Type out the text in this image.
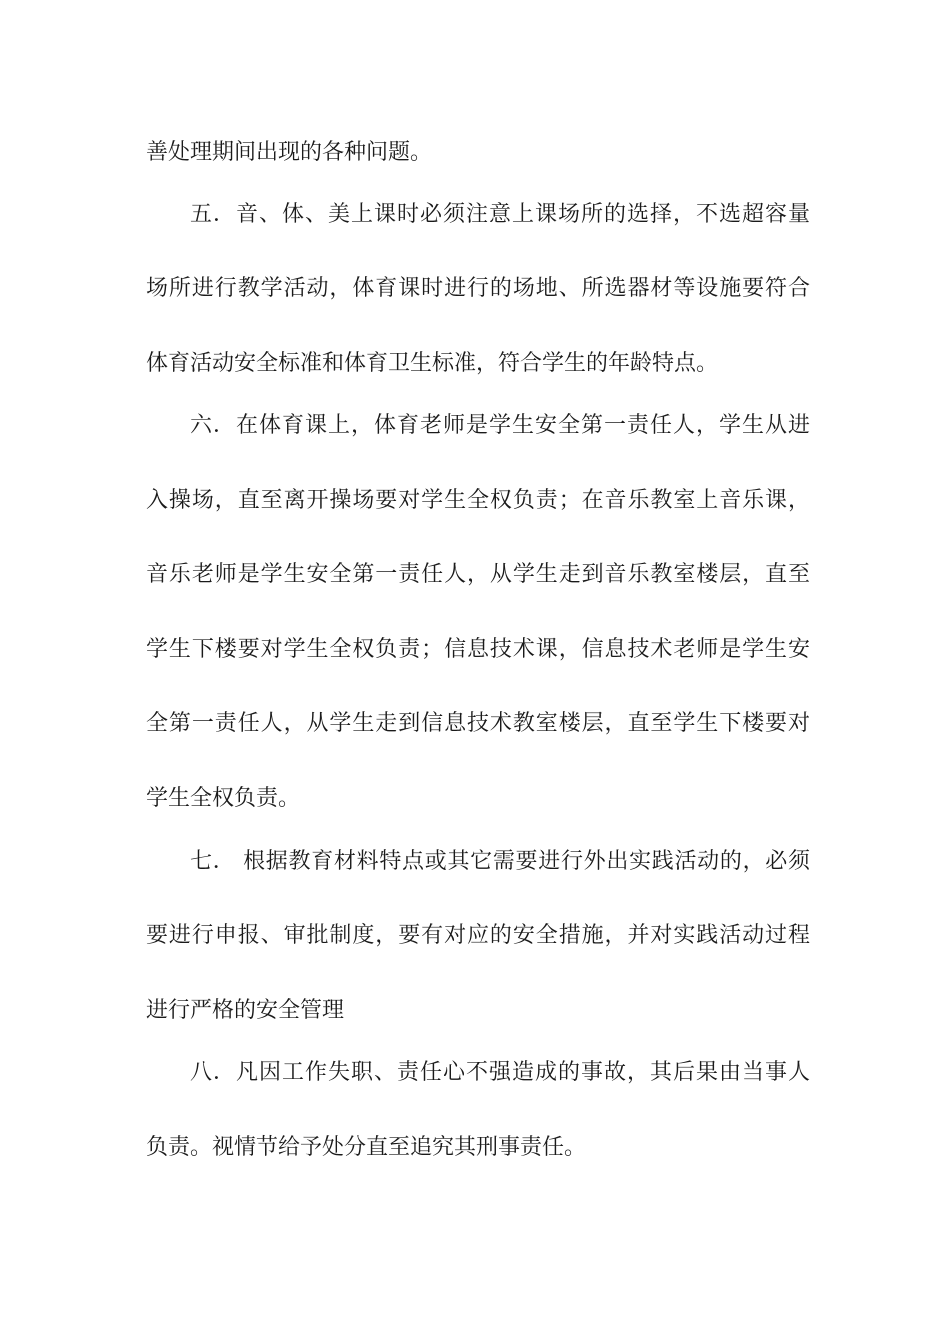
善处理期间出现的各种问题。
五．音、体、美上课时必须注意上课场所的选择，不选超容量
场所进行教学活动，体育课时进行的场地、所选器材等设施要符合
体育活动安全标准和体育卫生标准，符合学生的年龄特点。
六．在体育课上，体育老师是学生安全第一责任人，学生从进
入操场，直至离开操场要对学生全权负责；在音乐教室上音乐课，
音乐老师是学生安全第一责任人，从学生走到音乐教室楼层，直至
学生下楼要对学生全权负责；信息技术课，信息技术老师是学生安
全第一责任人，从学生走到信息技术教室楼层，直至学生下楼要对
学生全权负责。
七． 根据教育材料特点或其它需要进行外出实践活动的，必须
要进行申报、审批制度，要有对应的安全措施，并对实践活动过程
进行严格的安全管理
八．凡因工作失职、责任心不强造成的事故，其后果由当事人
负责。视情节给予处分直至追究其刑事责任。
